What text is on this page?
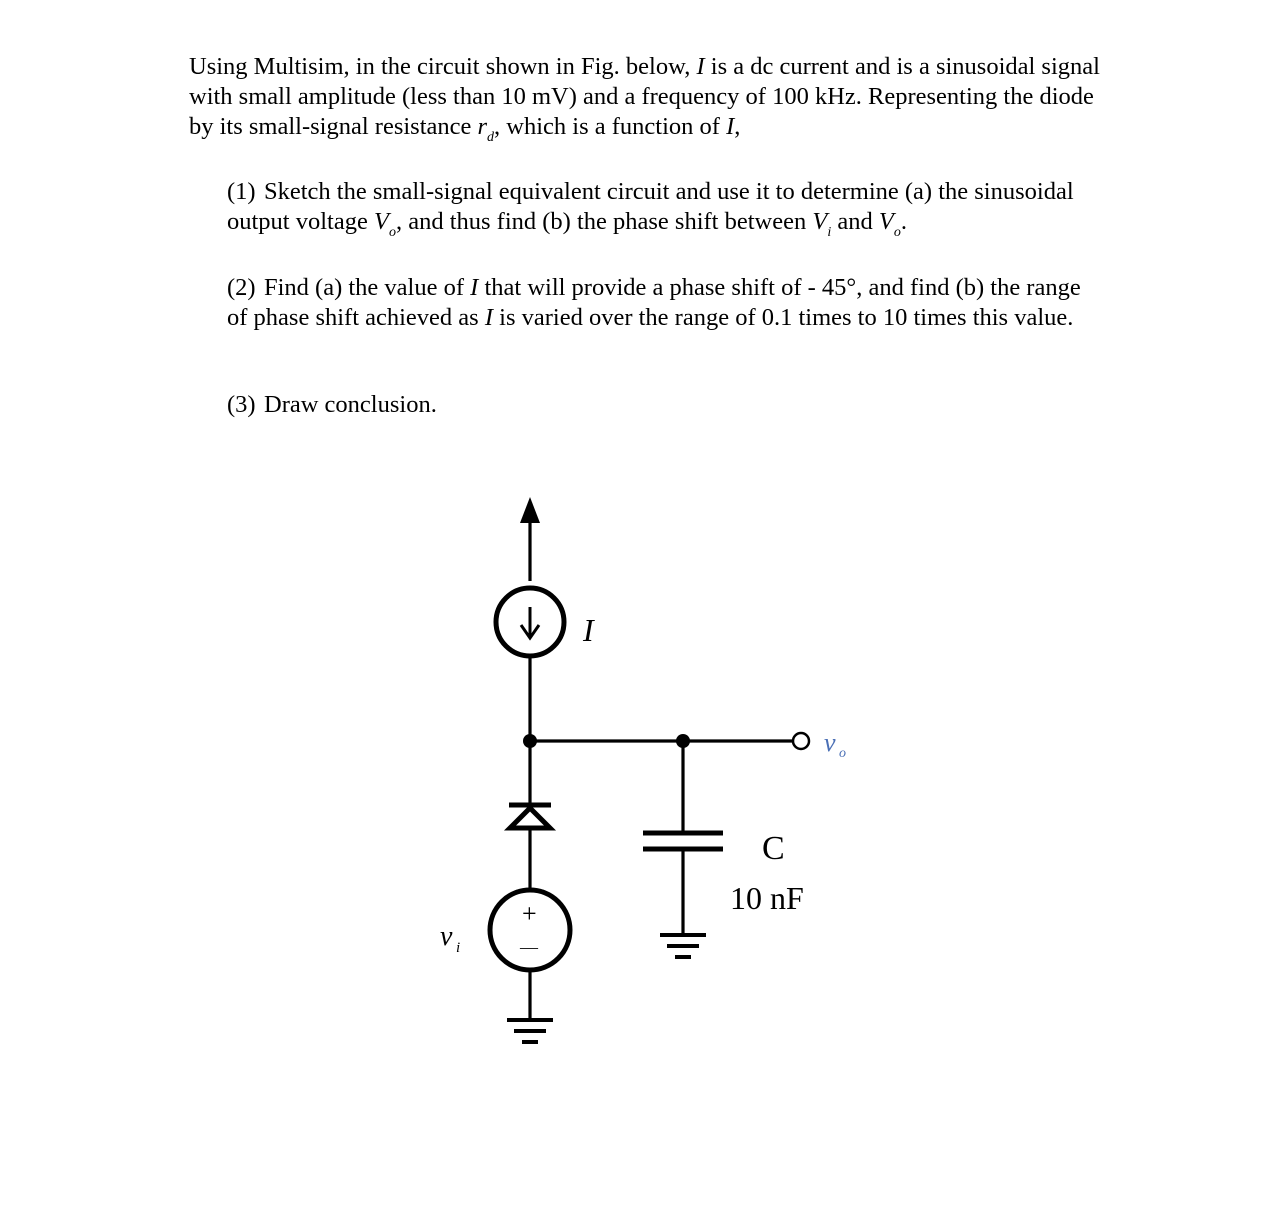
Using Multisim, in the circuit shown in Fig. below, I is a dc current and is a sinusoidal signal with small amplitude (less than 10 mV) and a frequency of 100 kHz. Representing the diode by its small-signal resistance $r_d$, which is a function of I,

(1) Sketch the small-signal equivalent circuit and use it to determine (a) the sinusoidal output voltage $V_o$, and thus find (b) the phase shift between $V_i$ and $V_o$.
(2) Find (a) the value of I that will provide a phase shift of - 45°, and find (b) the range of phase shift achieved as I is varied over the range of 0.1 times to 10 times this value.
(3) Draw conclusion.
I
v o
v i
+
—
C
10 nF
